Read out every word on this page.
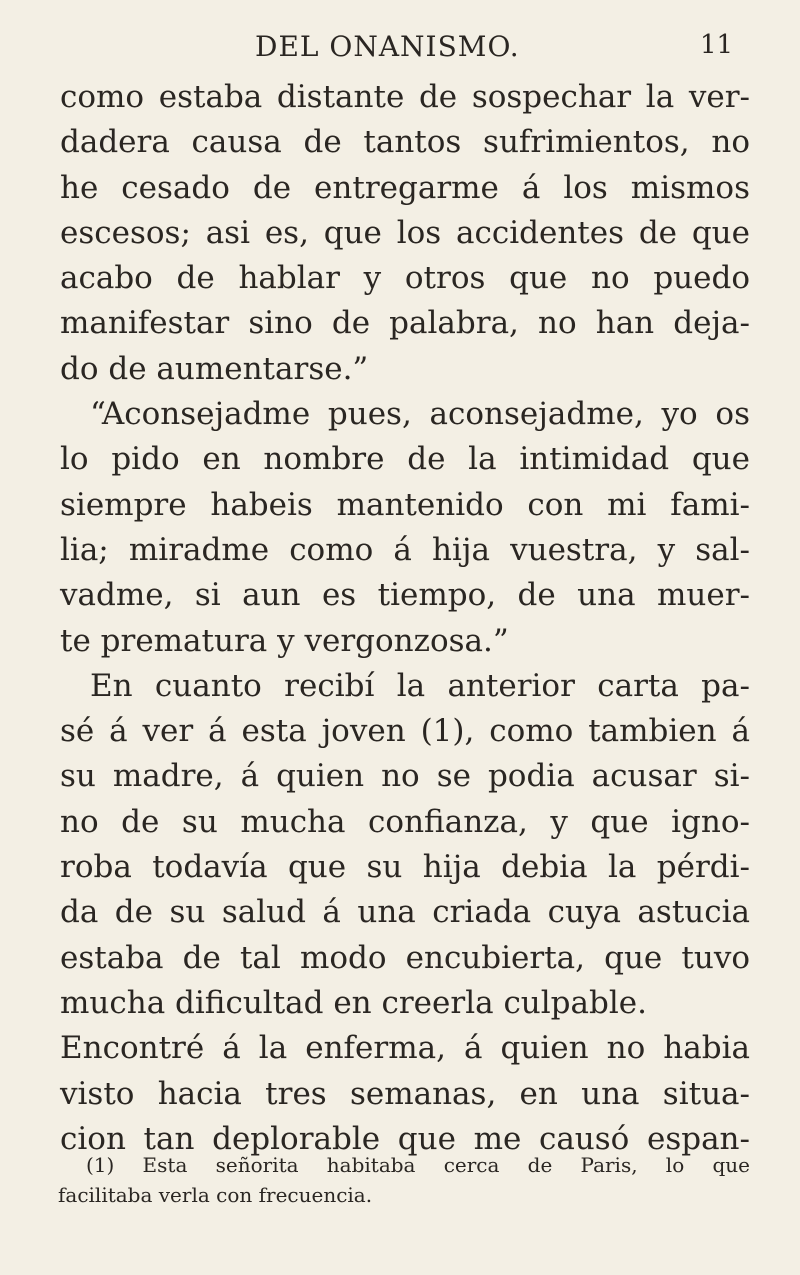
DEL ONANISMO.	11
como estaba distante de sospechar la ver-
dadera causa de tantos sufrimientos, no
he cesado de entregarme á los mismos
escesos; asi es, que los accidentes de que
acabo de hablar y otros que no puedo
manifestar sino de palabra, no han deja-
do de aumentarse.”
“Aconsejadme pues, aconsejadme, yo os
lo pido en nombre de la intimidad que
siempre habeis mantenido con mi fami-
lia; miradme como á hija vuestra, y sal-
vadme, si aun es tiempo, de una muer-
te prematura y vergonzosa.”
En cuanto recibí la anterior carta pa-
sé á ver á esta joven (1), como tambien á
su madre, á quien no se podia acusar si-
no de su mucha confianza, y que igno-
roba todavía que su hija debia la pérdi-
da de su salud á una criada cuya astucia
estaba de tal modo encubierta, que tuvo
mucha dificultad en creerla culpable.
Encontré á la enferma, á quien no habia
visto hacia tres semanas, en una situa-
cion tan deplorable que me causó espan-
(1) Esta señorita habitaba cerca de Paris, lo que
facilitaba verla con frecuencia.
